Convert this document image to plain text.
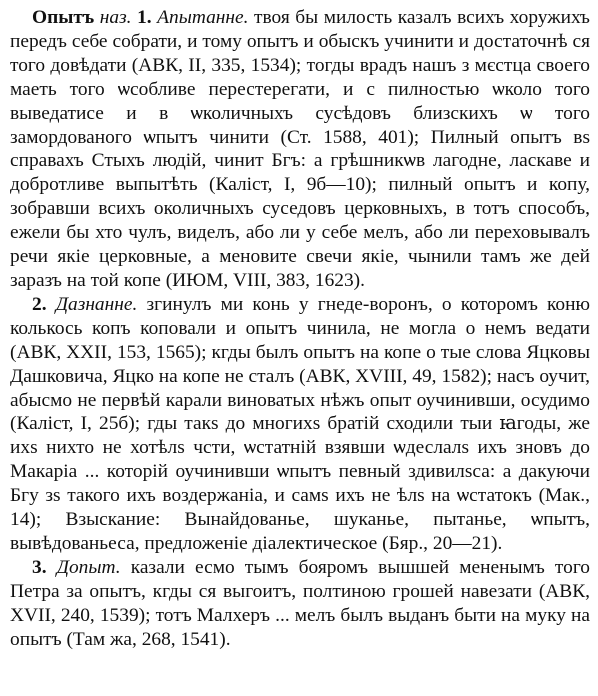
Опытъ наз. 1. Апытанне. твоя бы милость казалъ всихъ хоружихъ передъ себе собрати, и тому опытъ и обыскъ учинити и достаточнѣ ся того довѣдати (АВК, ІІ, 335, 1534); тогды врадъ нашъ з мєстца своего маеть того ѡсобливе перестерегати, и с пилностью ѡколо того выведатисе и в ѡколичныхъ сусѣдовъ близскихъ ѡ того замордованого ѡпытъ чинити (Ст. 1588, 401); Пилный опытъ вs справахъ Стыхъ людій, чинит Бгъ: а грѣшникѡв лагодне, ласкаве и добротливе выпытѣть (Каліст, І, 9б—10); пилный опытъ и копу, зобравши всихъ околичныхъ суседовъ церковныхъ, в тотъ способъ, ежели бы хто чулъ, виделъ, або ли у себе мелъ, або ли переховывалъ речи якіе церковные, а меновите свечи якіе, чынили тамъ же дей заразъ на той копе (ИЮМ, VIII, 383, 1623).

2. Дазнанне. згинулъ ми конь у гнеде-воронъ, о которомъ коню колькось копъ коповали и опытъ чинила, не могла о немъ ведати (АВК, ХХІІ, 153, 1565); кгды былъ опытъ на копе о тые слова Яцковы Дашковича, Яцко на копе не сталъ (АВК, XVIII, 49, 1582); насъ оучит, абысмо не первѣй карали виноватых нѣжъ опыт оучинивши, осудимо (Каліст, І, 25б); гды такs до многихs братій сходили тыи ꙗгоды, же ихs нихто не хотѣлs чсти, ѡстатній взявши ѡдеслалs ихъ зновъ до Макаріа ... которій оучинивши ѡпытъ певный здивилsса: а дакуючи Бгу зs такого ихъ воздержаніа, и самs ихъ не ѣлs на ѡстатокъ (Мак., 14); Взыскание: Вынайдованье, шуканье, пытанье, ѡпытъ, вывѣдованьеса, предложеніе діалектическое (Бяр., 20—21).

3. Допыт. казали есмо тымъ бояромъ вышшей мененымъ того Петра за опытъ, кгды ся выгоитъ, полтиною грошей навезати (АВК, XVII, 240, 1539); тотъ Малхеръ ... мелъ былъ выданъ быти на муку на опытъ (Там жа, 268, 1541).
